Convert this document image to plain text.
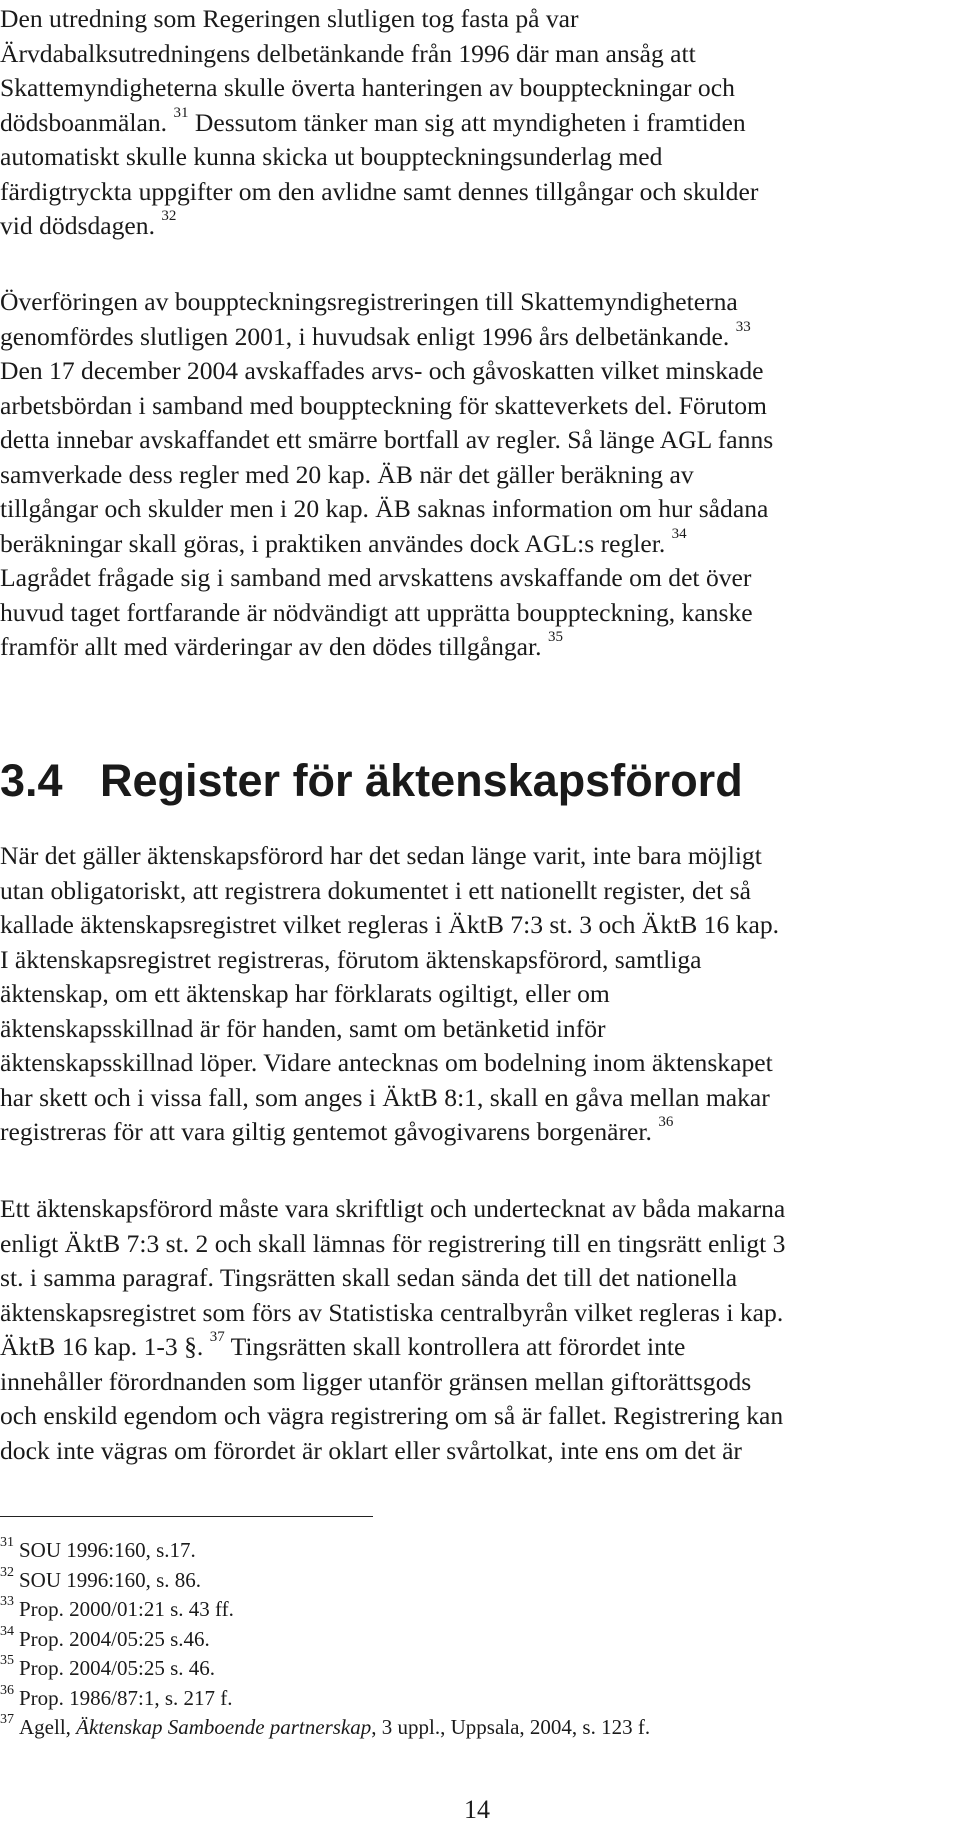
Den utredning som Regeringen slutligen tog fasta på var
Ärvdabalksutredningens delbetänkande från 1996 där man ansåg att
Skattemyndigheterna skulle överta hanteringen av bouppteckningar och
dödsboanmälan. $^{31}$ Dessutom tänker man sig att myndigheten i framtiden
automatiskt skulle kunna skicka ut bouppteckningsunderlag med
färdigtryckta uppgifter om den avlidne samt dennes tillgångar och skulder
vid dödsdagen. $^{32}$

Överföringen av bouppteckningsregistreringen till Skattemyndigheterna
genomfördes slutligen 2001, i huvudsak enligt 1996 års delbetänkande. $^{33}$
Den 17 december 2004 avskaffades arvs- och gåvoskatten vilket minskade
arbetsbördan i samband med bouppteckning för skatteverkets del. Förutom
detta innebar avskaffandet ett smärre bortfall av regler. Så länge AGL fanns
samverkade dess regler med 20 kap. ÄB när det gäller beräkning av
tillgångar och skulder men i 20 kap. ÄB saknas information om hur sådana
beräkningar skall göras, i praktiken användes dock AGL:s regler. $^{34}$
Lagrådet frågade sig i samband med arvskattens avskaffande om det över
huvud taget fortfarande är nödvändigt att upprätta bouppteckning, kanske
framför allt med värderingar av den dödes tillgångar. $^{35}$

3.4 Register för äktenskapsförord

När det gäller äktenskapsförord har det sedan länge varit, inte bara möjligt
utan obligatoriskt, att registrera dokumentet i ett nationellt register, det så
kallade äktenskapsregistret vilket regleras i ÄktB 7:3 st. 3 och ÄktB 16 kap.
I äktenskapsregistret registreras, förutom äktenskapsförord, samtliga
äktenskap, om ett äktenskap har förklarats ogiltigt, eller om
äktenskapsskillnad är för handen, samt om betänketid inför
äktenskapsskillnad löper. Vidare antecknas om bodelning inom äktenskapet
har skett och i vissa fall, som anges i ÄktB 8:1, skall en gåva mellan makar
registreras för att vara giltig gentemot gåvogivarens borgenärer. $^{36}$

Ett äktenskapsförord måste vara skriftligt och undertecknat av båda makarna
enligt ÄktB 7:3 st. 2 och skall lämnas för registrering till en tingsrätt enligt 3
st. i samma paragraf. Tingsrätten skall sedan sända det till det nationella
äktenskapsregistret som förs av Statistiska centralbyrån vilket regleras i kap.
ÄktB 16 kap. 1-3 §. $^{37}$ Tingsrätten skall kontrollera att förordet inte
innehåller förordnanden som ligger utanför gränsen mellan giftorättsgods
och enskild egendom och vägra registrering om så är fallet. Registrering kan
dock inte vägras om förordet är oklart eller svårtolkat, inte ens om det är

$^{31}$ SOU 1996:160, s.17.
$^{32}$ SOU 1996:160, s. 86.
$^{33}$ Prop. 2000/01:21 s. 43 ff.
$^{34}$ Prop. 2004/05:25 s.46.
$^{35}$ Prop. 2004/05:25 s. 46.
$^{36}$ Prop. 1986/87:1, s. 217 f.
$^{37}$ Agell, Äktenskap Samboende partnerskap, 3 uppl., Uppsala, 2004, s. 123 f.
14
